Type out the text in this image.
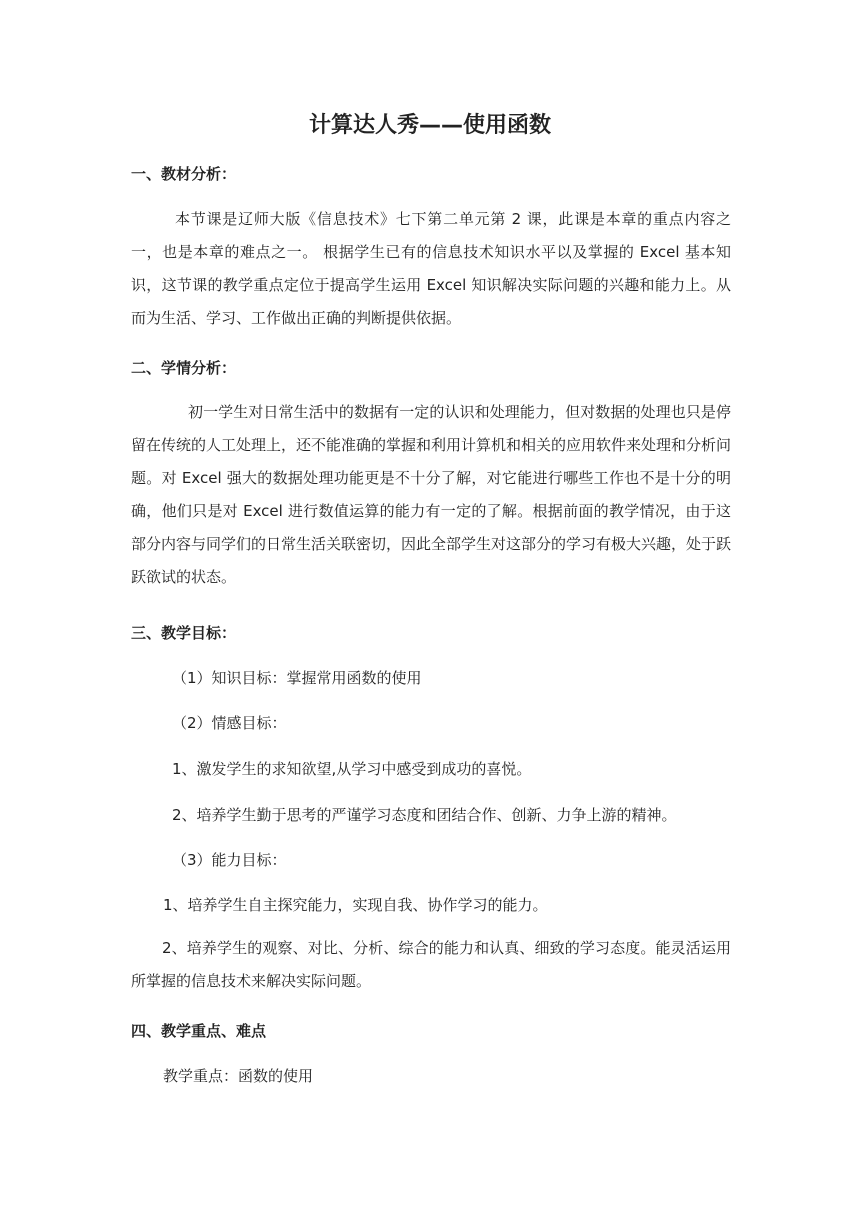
计算达人秀——使用函数
一、教材分析：

本节课是辽师大版《信息技术》七下第二单元第 2 课，此课是本章的重点内容之一，也是本章的难点之一。 根据学生已有的信息技术知识水平以及掌握的 Excel 基本知识，这节课的教学重点定位于提高学生运用 Excel 知识解决实际问题的兴趣和能力上。从而为生活、学习、工作做出正确的判断提供依据。

二、学情分析：

初一学生对日常生活中的数据有一定的认识和处理能力，但对数据的处理也只是停留在传统的人工处理上，还不能准确的掌握和利用计算机和相关的应用软件来处理和分析问题。对 Excel 强大的数据处理功能更是不十分了解，对它能进行哪些工作也不是十分的明确，他们只是对 Excel 进行数值运算的能力有一定的了解。根据前面的教学情况，由于这部分内容与同学们的日常生活关联密切，因此全部学生对这部分的学习有极大兴趣，处于跃跃欲试的状态。

三、教学目标：

（1）知识目标：掌握常用函数的使用

（2）情感目标：

1、激发学生的求知欲望,从学习中感受到成功的喜悦。

2、培养学生勤于思考的严谨学习态度和团结合作、创新、力争上游的精神。

（3）能力目标：

1、培养学生自主探究能力，实现自我、协作学习的能力。

2、培养学生的观察、对比、分析、综合的能力和认真、细致的学习态度。能灵活运用所掌握的信息技术来解决实际问题。

四、教学重点、难点

教学重点：函数的使用
